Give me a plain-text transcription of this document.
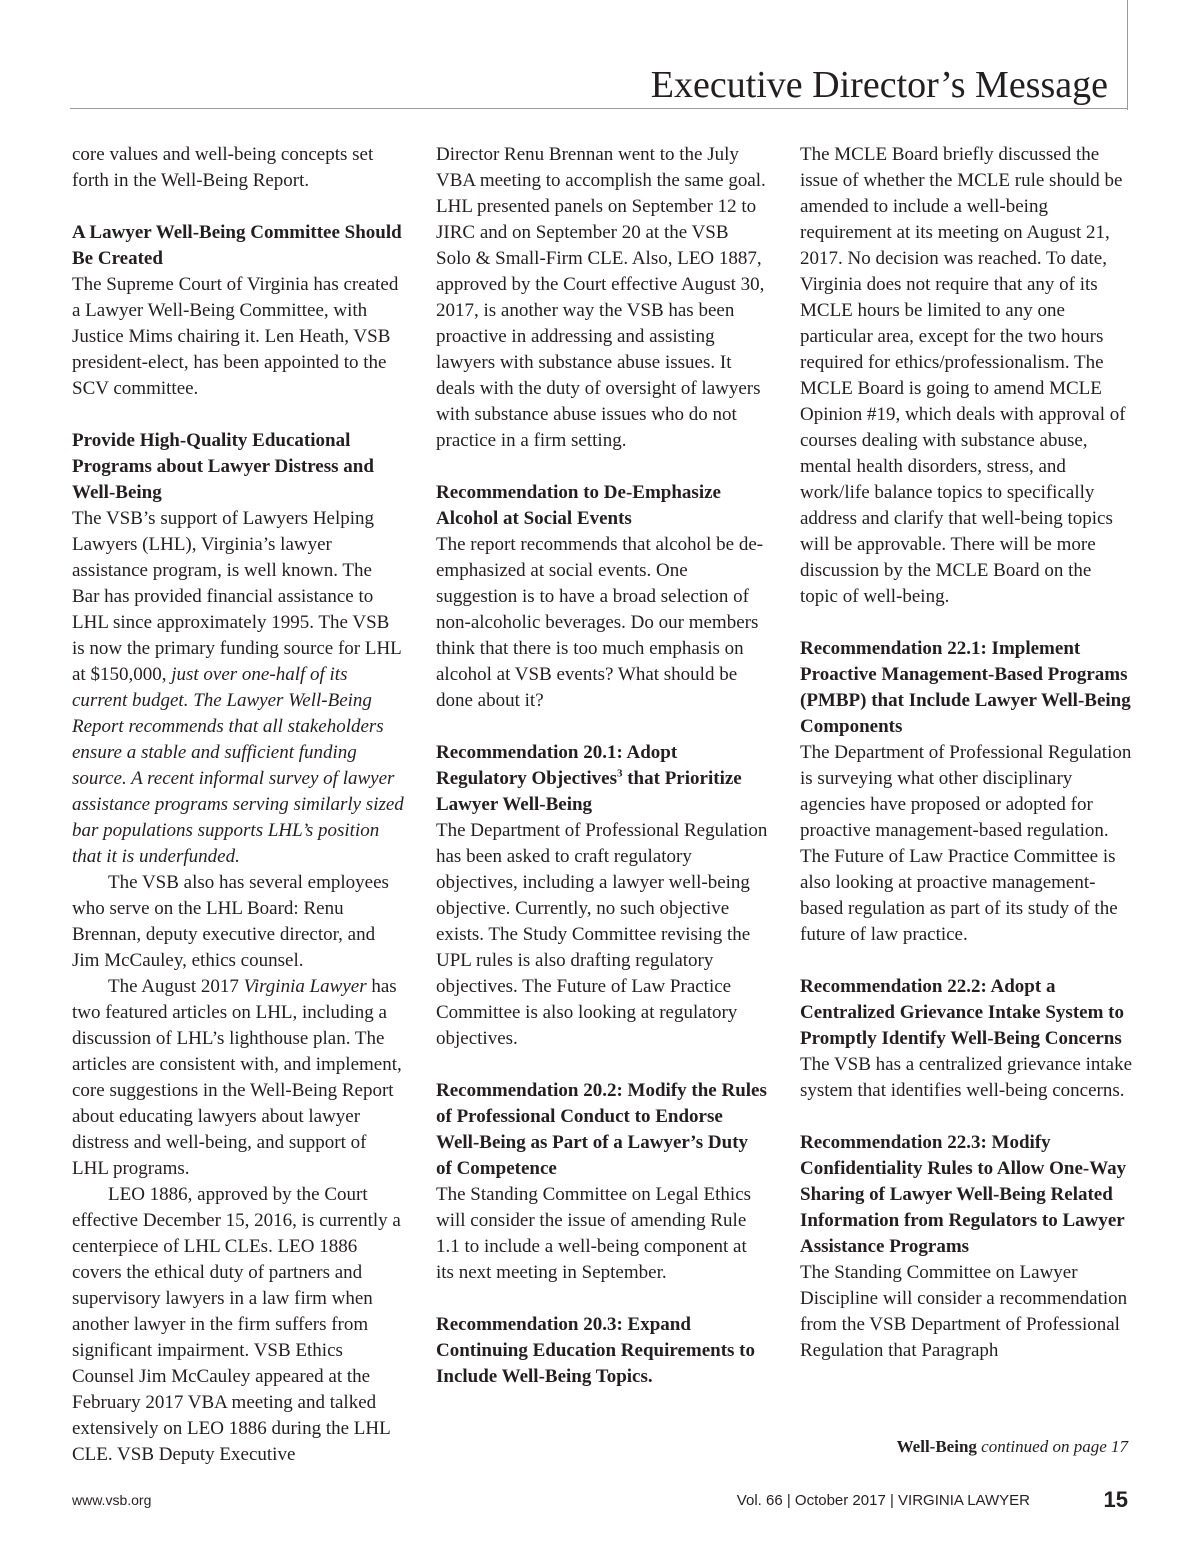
Executive Director’s Message

core values and well-being concepts set forth in the Well-Being Report.

A Lawyer Well-Being Committee Should Be Created

The Supreme Court of Virginia has created a Lawyer Well-Being Committee, with Justice Mims chairing it. Len Heath, VSB president-elect, has been appointed to the SCV committee.

Provide High-Quality Educational Programs about Lawyer Distress and Well-Being

The VSB’s support of Lawyers Helping Lawyers (LHL), Virginia’s lawyer assistance program, is well known. The Bar has provided financial assistance to LHL since approximately 1995. The VSB is now the primary funding source for LHL at $150,000, just over one-half of its current budget. The Lawyer Well-Being Report recommends that all stakeholders ensure a stable and sufficient funding source. A recent informal survey of lawyer assistance programs serving similarly sized bar populations supports LHL’s position that it is underfunded.

The VSB also has several employees who serve on the LHL Board: Renu Brennan, deputy executive director, and Jim McCauley, ethics counsel.

The August 2017 Virginia Lawyer has two featured articles on LHL, including a discussion of LHL’s lighthouse plan. The articles are consistent with, and implement, core suggestions in the Well-Being Report about educating lawyers about lawyer distress and well-being, and support of LHL programs.

LEO 1886, approved by the Court effective December 15, 2016, is currently a centerpiece of LHL CLEs. LEO 1886 covers the ethical duty of partners and supervisory lawyers in a law firm when another lawyer in the firm suffers from significant impairment. VSB Ethics Counsel Jim McCauley appeared at the February 2017 VBA meeting and talked extensively on LEO 1886 during the LHL CLE. VSB Deputy Executive

Director Renu Brennan went to the July VBA meeting to accomplish the same goal. LHL presented panels on September 12 to JIRC and on September 20 at the VSB Solo & Small-Firm CLE. Also, LEO 1887, approved by the Court effective August 30, 2017, is another way the VSB has been proactive in addressing and assisting lawyers with substance abuse issues. It deals with the duty of oversight of lawyers with substance abuse issues who do not practice in a firm setting.

Recommendation to De-Emphasize Alcohol at Social Events

The report recommends that alcohol be de-emphasized at social events. One suggestion is to have a broad selection of non-alcoholic beverages. Do our members think that there is too much emphasis on alcohol at VSB events? What should be done about it?

Recommendation 20.1: Adopt Regulatory Objectives$^3$ that Prioritize Lawyer Well-Being

The Department of Professional Regulation has been asked to craft regulatory objectives, including a lawyer well-being objective. Currently, no such objective exists. The Study Committee revising the UPL rules is also drafting regulatory objectives. The Future of Law Practice Committee is also looking at regulatory objectives.

Recommendation 20.2: Modify the Rules of Professional Conduct to Endorse Well-Being as Part of a Lawyer’s Duty of Competence

The Standing Committee on Legal Ethics will consider the issue of amending Rule 1.1 to include a well-being component at its next meeting in September.

Recommendation 20.3: Expand Continuing Education Requirements to Include Well-Being Topics.

The MCLE Board briefly discussed the issue of whether the MCLE rule should be amended to include a well-being requirement at its meeting on August 21, 2017. No decision was reached. To date, Virginia does not require that any of its MCLE hours be limited to any one particular area, except for the two hours required for ethics/professionalism. The MCLE Board is going to amend MCLE Opinion #19, which deals with approval of courses dealing with substance abuse, mental health disorders, stress, and work/life balance topics to specifically address and clarify that well-being topics will be approvable. There will be more discussion by the MCLE Board on the topic of well-being.

Recommendation 22.1: Implement Proactive Management-Based Programs (PMBP) that Include Lawyer Well-Being Components

The Department of Professional Regulation is surveying what other disciplinary agencies have proposed or adopted for proactive management-based regulation. The Future of Law Practice Committee is also looking at proactive management-based regulation as part of its study of the future of law practice.

Recommendation 22.2: Adopt a Centralized Grievance Intake System to Promptly Identify Well-Being Concerns

The VSB has a centralized grievance intake system that identifies well-being concerns.

Recommendation 22.3: Modify Confidentiality Rules to Allow One-Way Sharing of Lawyer Well-Being Related Information from Regulators to Lawyer Assistance Programs

The Standing Committee on Lawyer Discipline will consider a recommendation from the VSB Department of Professional Regulation that Paragraph

Well-Being continued on page 17
www.vsb.org	Vol. 66 | October 2017 | VIRGINIA LAWYER	15
